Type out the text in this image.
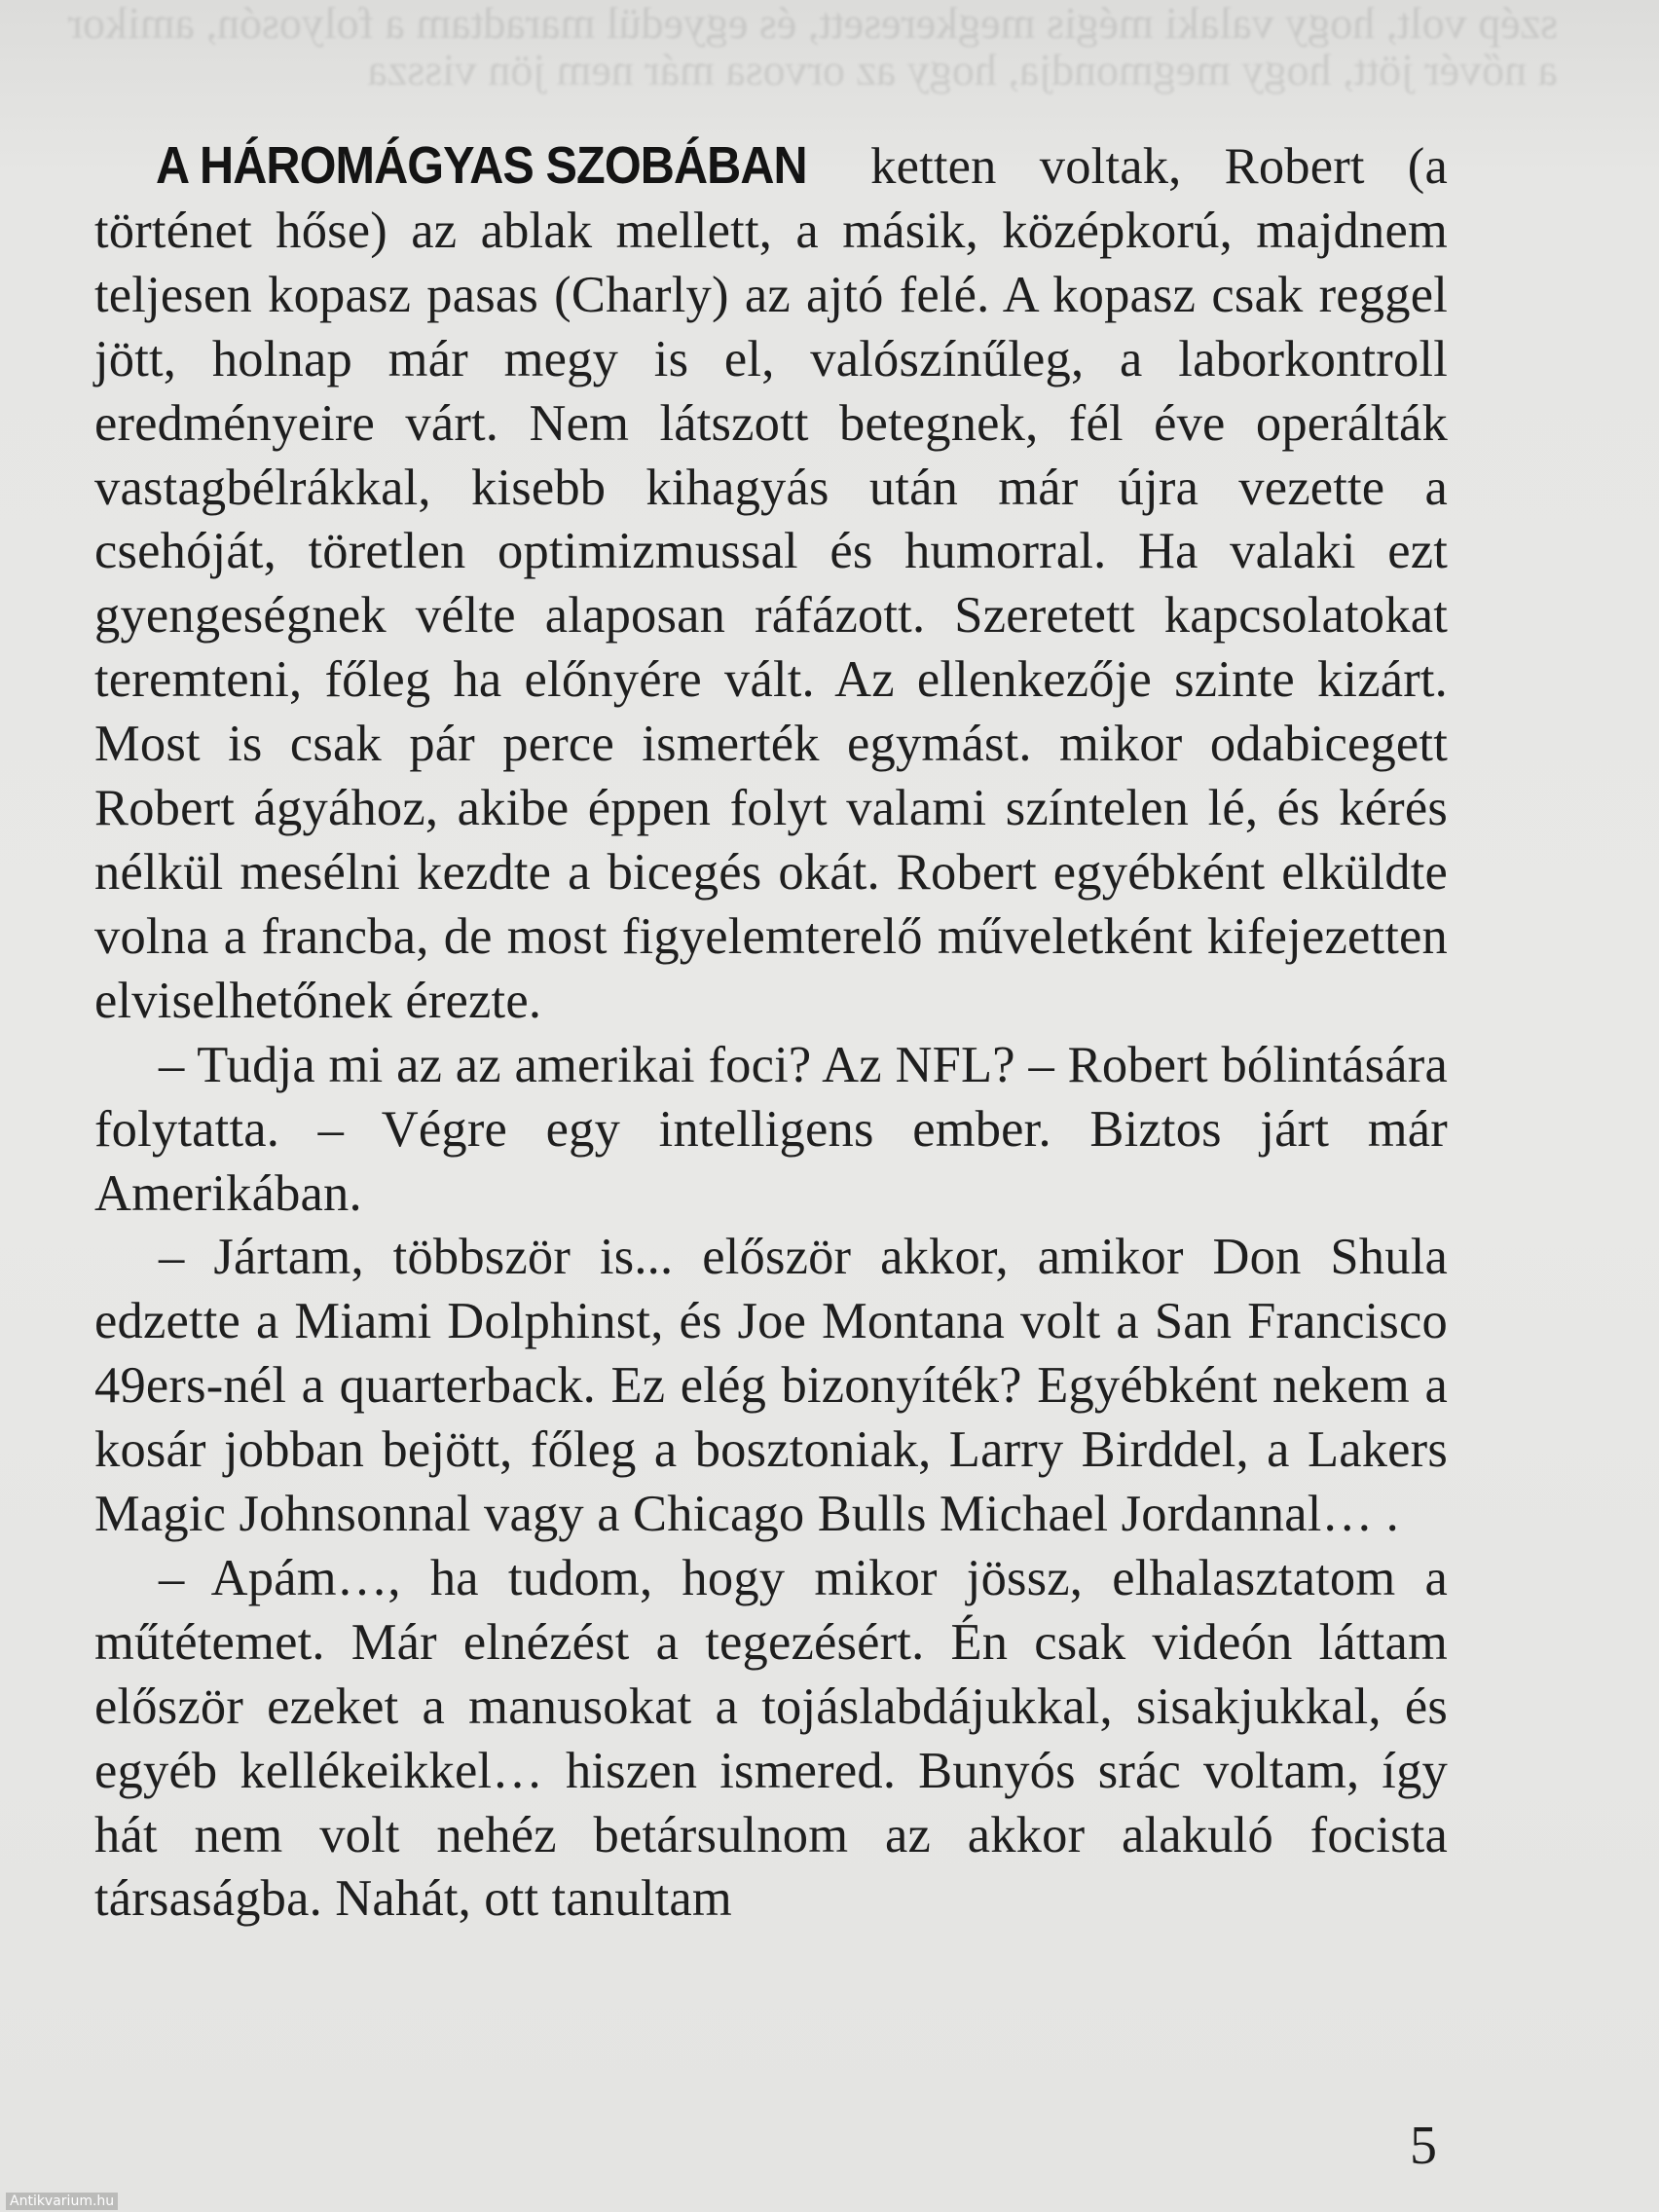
szép volt, hogy valaki mégis megkeresett, és egyedül maradtam a folyosón, amikor a nővér jött, hogy megmondja, hogy az orvosa már nem jön vissza

A HÁROMÁGYAS SZOBÁBAN ketten voltak, Robert (a történet hőse) az ablak mellett, a másik, középkorú, majdnem teljesen kopasz pasas (Charly) az ajtó felé. A kopasz csak reggel jött, holnap már megy is el, valószínűleg, a laborkontroll eredményeire várt. Nem látszott betegnek, fél éve operálták vastagbélrákkal, kisebb kihagyás után már újra vezette a csehóját, töretlen optimizmussal és humorral. Ha valaki ezt gyengeségnek vélte alaposan ráfázott. Szeretett kapcsolatokat teremteni, főleg ha előnyére vált. Az ellenkezője szinte kizárt. Most is csak pár perce ismerték egymást. mikor odabicegett Robert ágyához, akibe éppen folyt valami színtelen lé, és kérés nélkül mesélni kezdte a bicegés okát. Robert egyébként elküldte volna a francba, de most figyelemterelő műveletként kifejezetten elviselhetőnek érezte.

– Tudja mi az az amerikai foci? Az NFL? – Robert bólintására folytatta. – Végre egy intelligens ember. Biztos járt már Amerikában.

– Jártam, többször is... először akkor, amikor Don Shula edzette a Miami Dolphinst, és Joe Montana volt a San Francisco 49ers-nél a quarterback. Ez elég bizonyíték? Egyébként nekem a kosár jobban bejött, főleg a bosztoniak, Larry Birddel, a Lakers Magic Johnsonnal vagy a Chicago Bulls Michael Jordannal… .

– Apám…, ha tudom, hogy mikor jössz, elhalasztatom a műtétemet. Már elnézést a tegezésért. Én csak videón láttam először ezeket a manusokat a tojáslabdájukkal, sisakjukkal, és egyéb kellékeikkel… hiszen ismered. Bunyós srác voltam, így hát nem volt nehéz betársulnom az akkor alakuló focista társaságba. Nahát, ott tanultam

5
Antikvarium.hu
